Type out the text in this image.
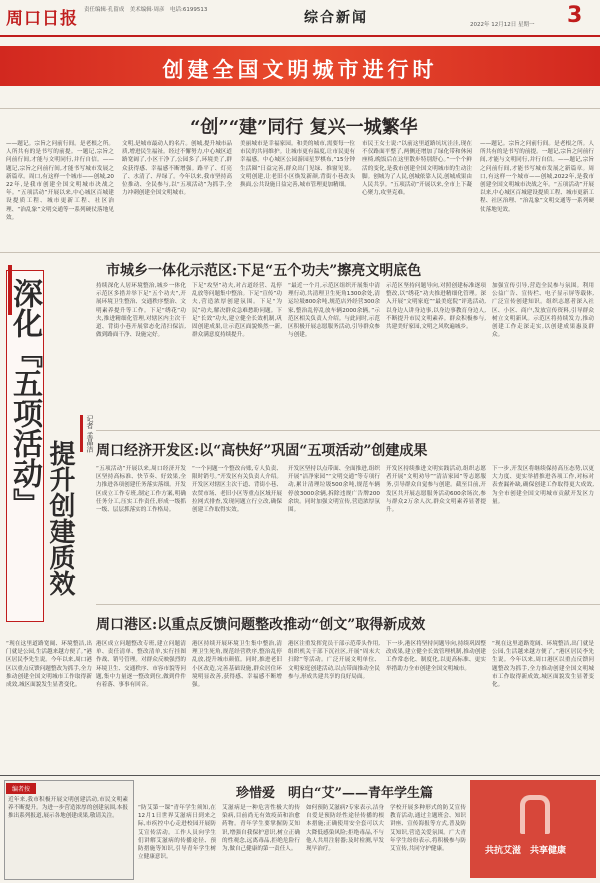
周口日报 责任编辑·孔留成　美术编辑·周彦　电话:6199513	综合新闻	2022年 12月12日 星期一 3
创建全国文明城市进行时
“创”“建”同行 复兴一城繁华
——题记。宗旨之问前行间。是老根之所。人所共有的是书写的前提。一题记,宗旨之问前行间,才能与文明同行,并行自信。——题记,宗旨之问前行间,才能书写城市发展之新篇章。周口,有这样一个城市——创城,2022年,是我市创建全国文明城市决战之年。“五项活动”开展以来,中心城区百城建设提质工程、城市更新工程、社区治理、“治乱象”文明交通等一系列硬仗落地见效。
文明,是城市最动人的名片。创城,提升城市品质,增进民生福祉。经过不懈努力,中心城区道路宽阔了,小区干净了,公园多了,环境美了,群众获得感、幸福感不断增强。路平了、灯亮了、水清了、岸绿了。今年以来,我市坚持高位推动、全民参与,以“五项活动”为抓手,全力冲刺创建全国文明城市。
美丽城市是幸福家园。和美的城市,需要每一位市民的共同维护。让城市更有温度,让市民更有幸福感。中心城区公园游园星罗棋布,“15分钟生活圈”日益完善,群众出门见绿、推窗见景。文明创建,让老旧小区焕发新颜,背街小巷改头换面,公共设施日益完善,城市管理更加精细。
市民王女士说:“以前这里道路坑坑洼洼,现在不仅路面平整了,两侧还增加了绿化带和休闲座椅,晚饭后在这里散步特别舒心。”一个个鲜活的变化,是我市创建全国文明城市的生动注脚。创城为了人民,创城依靠人民,创城成果由人民共享。“五项活动”开展以来,全市上下凝心聚力,攻坚克难。
——题记。宗旨之问前行间。是老根之所。人所共有的是书写的前提。一题记,宗旨之问前行间,才能与文明同行,并行自信。——题记,宗旨之问前行间,才能书写城市发展之新篇章。周口,有这样一个城市——创城,2022年,是我市创建全国文明城市决战之年。“五项活动”开展以来,中心城区百城建设提质工程、城市更新工程、社区治理、“治乱象”文明交通等一系列硬仗落地见效。
深化『五项活动』 提升创建质效
记者 孟晶洁
市城乡一体化示范区:下足“五个功夫”擦亮文明底色
持续深化人居环境整治,城乡一体化示范区多措并举下足“五个功夫”,开展环境卫生整治、交通秩序整治、文明素养提升等工作。下足“绣花”功夫,推进精细化管理,对辖区内主次干道、背街小巷开展常态化清扫保洁,做到路面干净、设施完好。
下足“攻坚”功夫,对占道经营、乱停乱放等问题集中整治。下足“宣传”功夫,营造浓厚创建氛围。下足“为民”功夫,解决群众急难愁盼问题。下足“长效”功夫,建立健全长效机制,巩固创建成果,让示范区面貌焕然一新,群众满意度持续提升。
“最近一个月,示范区组织开展集中清理行动,共清理卫生死角1300余处,清运垃圾800余吨,规范店外经营300余家,整治乱停乱放车辆2000余辆。”示范区相关负责人介绍。与此同时,示范区积极开展志愿服务活动,引导群众参与创建。
示范区坚持问题导向,对照创建标准逐项整改,以“绣花”功夫推进精细化管理。深入开展“文明家庭”“最美庭院”评选活动,以身边人讲身边事,以身边事教育身边人,不断提升市民文明素养。群众积极参与,共建美好家园,文明之风吹遍城乡。
加强宣传引导,营造全民参与氛围。利用公益广告、宣传栏、电子显示屏等载体,广泛宣传创建知识。组织志愿者深入社区、小区、商户,发放宣传资料,引导群众树立文明新风。示范区将持续发力,推动创建工作走深走实,以创建成果惠及群众。
周口经济开发区:以“高快好”巩固“五项活动”创建成果
“五项活动”开展以来,周口经济开发区坚持高标准、快节奏、好效果,全力推进各项创建任务落实落细。开发区成立工作专班,制定工作方案,明确任务分工,压实工作责任,形成一级抓一级、层层抓落实的工作格局。
“一个问题一个整改台账,专人负责、限时销号。”开发区有关负责人介绍。开发区对辖区主次干道、背街小巷、农贸市场、老旧小区等重点区域开展拉网式排查,发现问题立行立改,确保创建工作取得实效。
开发区坚持以点带面、全面推进,组织开展“洁净家园”“文明交通”等专项行动,累计清理垃圾500余吨,规范车辆停放3000余辆,拆除违规广告牌200余块。同时加强文明宣传,营造浓厚氛围。
开发区持续推进文明实践活动,组织志愿者开展“文明劝导”“清洁家园”等志愿服务,引导群众自觉参与创建。截至目前,开发区共开展志愿服务活动600余场次,参与群众2万余人次,群众文明素养显著提升。
下一步,开发区将继续保持高压态势,以更大力度、更实举措推进各项工作,对标对表查漏补缺,确保创建工作取得更大成效,为全市创建全国文明城市贡献开发区力量。
周口港区:以重点反馈问题整改推动“创文”取得新成效
“现在这里道路宽阔、环境整洁,出门就是公园,生活越来越方便了。”港区居民李先生说。今年以来,周口港区以重点反馈问题整改为抓手,全力推动创建全国文明城市工作取得新成效,城区面貌发生显著变化。
港区成立问题整改专班,建立问题清单、责任清单、整改清单,实行挂图作战、销号管理。对群众反映强烈的环境卫生、交通秩序、市容市貌等问题,集中力量逐一整改到位,做到件件有着落、事事有回音。
港区持续开展环境卫生集中整治,清理卫生死角,规范经营秩序,整治乱停乱放,提升城市颜值。同时,推进老旧小区改造,完善基础设施,群众居住环境明显改善,获得感、幸福感不断增强。
港区注重发挥党员干部示范带头作用,组织机关干部下沉社区,开展“周末大扫除”等活动。广泛开展文明单位、文明家庭创建活动,以点带面推动全民参与,形成共建共享的良好局面。
下一步,港区将坚持问题导向,持续巩固整改成果,建立健全长效管理机制,推动创建工作常态化、制度化,以更高标准、更实举措助力全市创建全国文明城市。
“现在这里道路宽阔、环境整洁,出门就是公园,生活越来越方便了。”港区居民李先生说。今年以来,周口港区以重点反馈问题整改为抓手,全力推动创建全国文明城市工作取得新成效,城区面貌发生显著变化。
编者按
近年来,我市积极开展文明创建活动,市民文明素养不断提升。为进一步营造浓厚的创建氛围,本报推出系列报道,展示各地创建成果,敬请关注。
珍惜爱　明白“艾”——青年学生篇
“防艾第一课”青年学生须知,在12月1日世界艾滋病日到来之际,市疾控中心走进校园开展防艾宣传活动。工作人员向学生们讲解艾滋病的传播途径、预防措施等知识,引导青年学生树立健康意识。
艾滋病是一种危害性极大的传染病,目前尚无有效疫苗和治愈药物。青年学生要掌握防艾知识,增强自我保护意识,树立正确的性观念,远离毒品,拒绝危险行为,做自己健康的第一责任人。
如何预防艾滋病?专家表示,洁身自爱是预防经性途径传播的根本措施;正确使用安全套可以大大降低感染风险;拒绝毒品,不与他人共用注射器;及时检测,早发现早治疗。
学校开展多种形式的防艾宣传教育活动,通过主题班会、知识讲座、宣传海报等方式,普及防艾知识,营造关爱氛围。广大青年学生纷纷表示,将积极参与防艾宣传,共同守护健康。	共抗艾滋　共享健康
